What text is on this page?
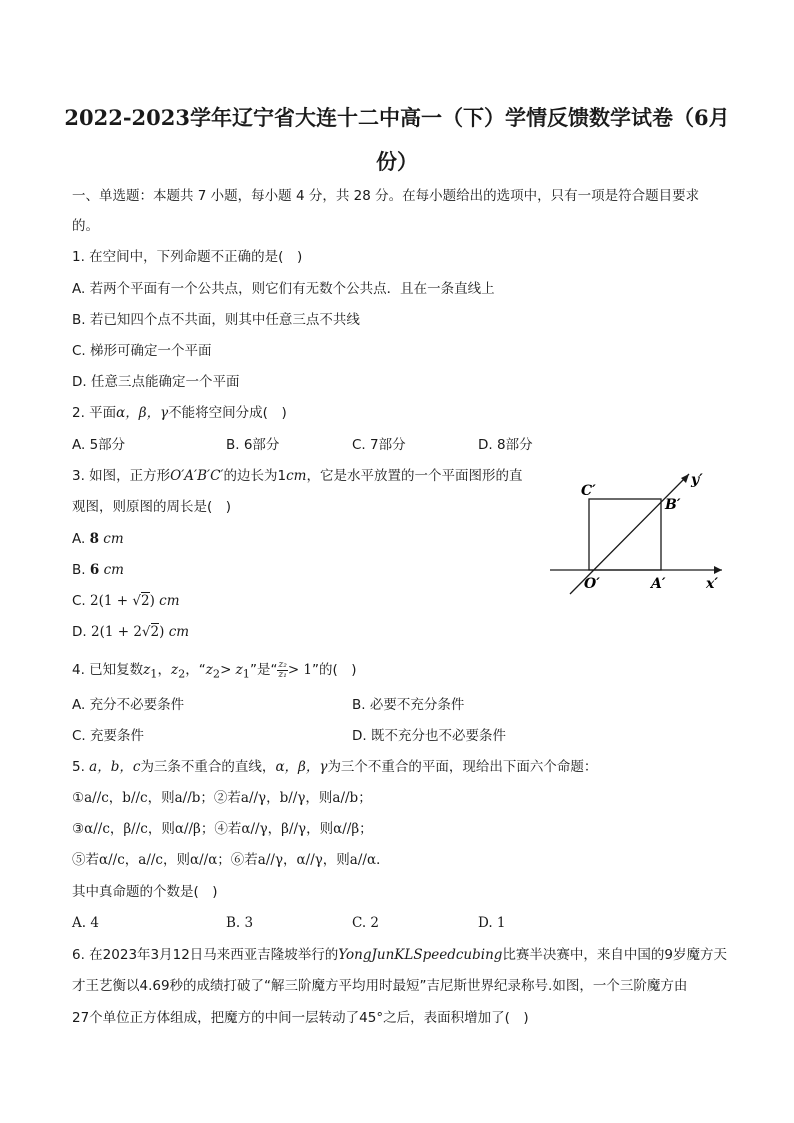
2022-2023学年辽宁省大连十二中高一（下）学情反馈数学试卷（6月
份）
一、单选题：本题共 7 小题，每小题 4 分，共 28 分。在每小题给出的选项中，只有一项是符合题目要求
的。
1. 在空间中，下列命题不正确的是(　)
A. 若两个平面有一个公共点，则它们有无数个公共点．且在一条直线上
B. 若已知四个点不共面，则其中任意三点不共线
C. 梯形可确定一个平面
D. 任意三点能确定一个平面
2. 平面α，β，γ不能将空间分成(　)
A. 5部分	B. 6部分	C. 7部分	D. 8部分
3. 如图，正方形O′A′B′C′的边长为1cm，它是水平放置的一个平面图形的直
观图，则原图的周长是(　)
A. 8 cm
B. 6 cm
C. 2(1 + √2) cm
D. 2(1 + 2√2) cm
C′
B′
O′	A′	x′
y′
4. 已知复数$z_1$，$z_2$，“$z_2> z_1$”是“ $\frac{\text{z₂}}{\text{z₁}} > 1$”的(　)
A. 充分不必要条件	B. 必要不充分条件
C. 充要条件	D. 既不充分也不必要条件
5. a，b，c为三条不重合的直线，α，β，γ为三个不重合的平面，现给出下面六个命题：
①a//c，b//c，则a//b；②若a//γ，b//γ，则a//b；
③α//c，β//c，则α//β；④若α//γ，β//γ，则α//β；
⑤若α//c，a//c，则α//α；⑥若a//γ，α//γ，则a//α．
其中真命题的个数是(　)
A. 4	B. 3	C. 2	D. 1
6. 在2023年3月12日马来西亚吉隆坡举行的YongJunKLSpeedcubing比赛半决赛中，来自中国的9岁魔方天
才王艺衡以4.69秒的成绩打破了“解三阶魔方平均用时最短”吉尼斯世界纪录称号.如图，一个三阶魔方由
27个单位正方体组成，把魔方的中间一层转动了45°之后，表面积增加了(　)
